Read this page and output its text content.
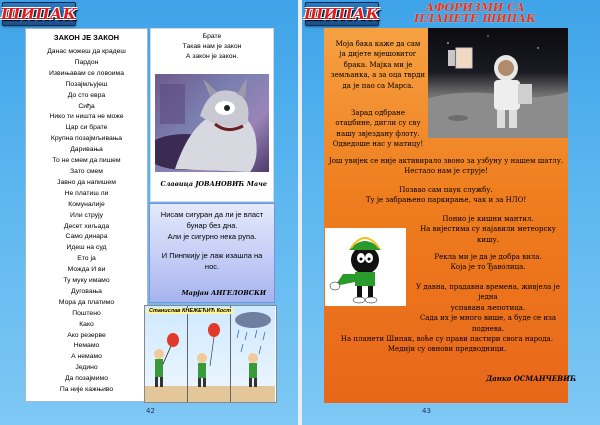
ШИПАК
ЗАКОН ЈЕ ЗАКОН
Данас можеш да крадеш
Пардон
Извињавам се ловоима
Позајмљујеш
До сто евра
Сиђа
Нико ти ништа не може
Цар си брате
Крупна позајмљивања
Даривања
То не смем да пишем
Зато смем
Јавно да напишем
Не платиш ли
Комуналије
Или струју
Десет хиљада
Само динара
Идеш на суд
Ето ја
Можда И ви
Ту муку имамо
Дуговања
Мора да платимо
Поштено
Како
Ако резерве
Немамо
А немамо
Једино
Да позајмимо
Па није кажњиво
Брате
Такав нам је закон
А закон је закон.
Славица ЈОВАНОВИЋ Мачe
Нисам сигуран да ли је власт
бунар без дна.
Али је сигурно нека рупа.
И Пинпкију је лаж изашла на
нос.
Марјан АНГЕЛОВСКИ
Станислав КНЕЖЕЋИЋ Кост
42
ШИПАК	АФОРИЗМИ СА
ПЛАНЕТЕ ШИПАК
43
Моја бака каже да сам
ја дијете мјешовитог
брака. Мајка ми је
земљанка, а за оца тврди
да је пао са Марса.
Зарад одбране
отаџбине, дигли су сву
нашу звјездану флоту.
Одведоше нас у матицу!
Још увијек се није активирало звоно за узбуну у нашем шатлу.
Нестало нам је струје!
Позвао сам паук службу.
Ту је забрањено паркирање, чак и за НЛО!
Понио је кишни мантил.
На вијестима су најавили метеорску кишу.
Рекла ми је да је добра вила.
Која је то Ђаволица.
У давна, прадавна времена, живјела је једна
успавана љепотица.
Сада их је много више, а буде се иза
поднева.
На планети Шипак, воће су прави пастири свога народа.
Медији су овнови предводници.
Данко ОСМАНЧЕВИЋ
